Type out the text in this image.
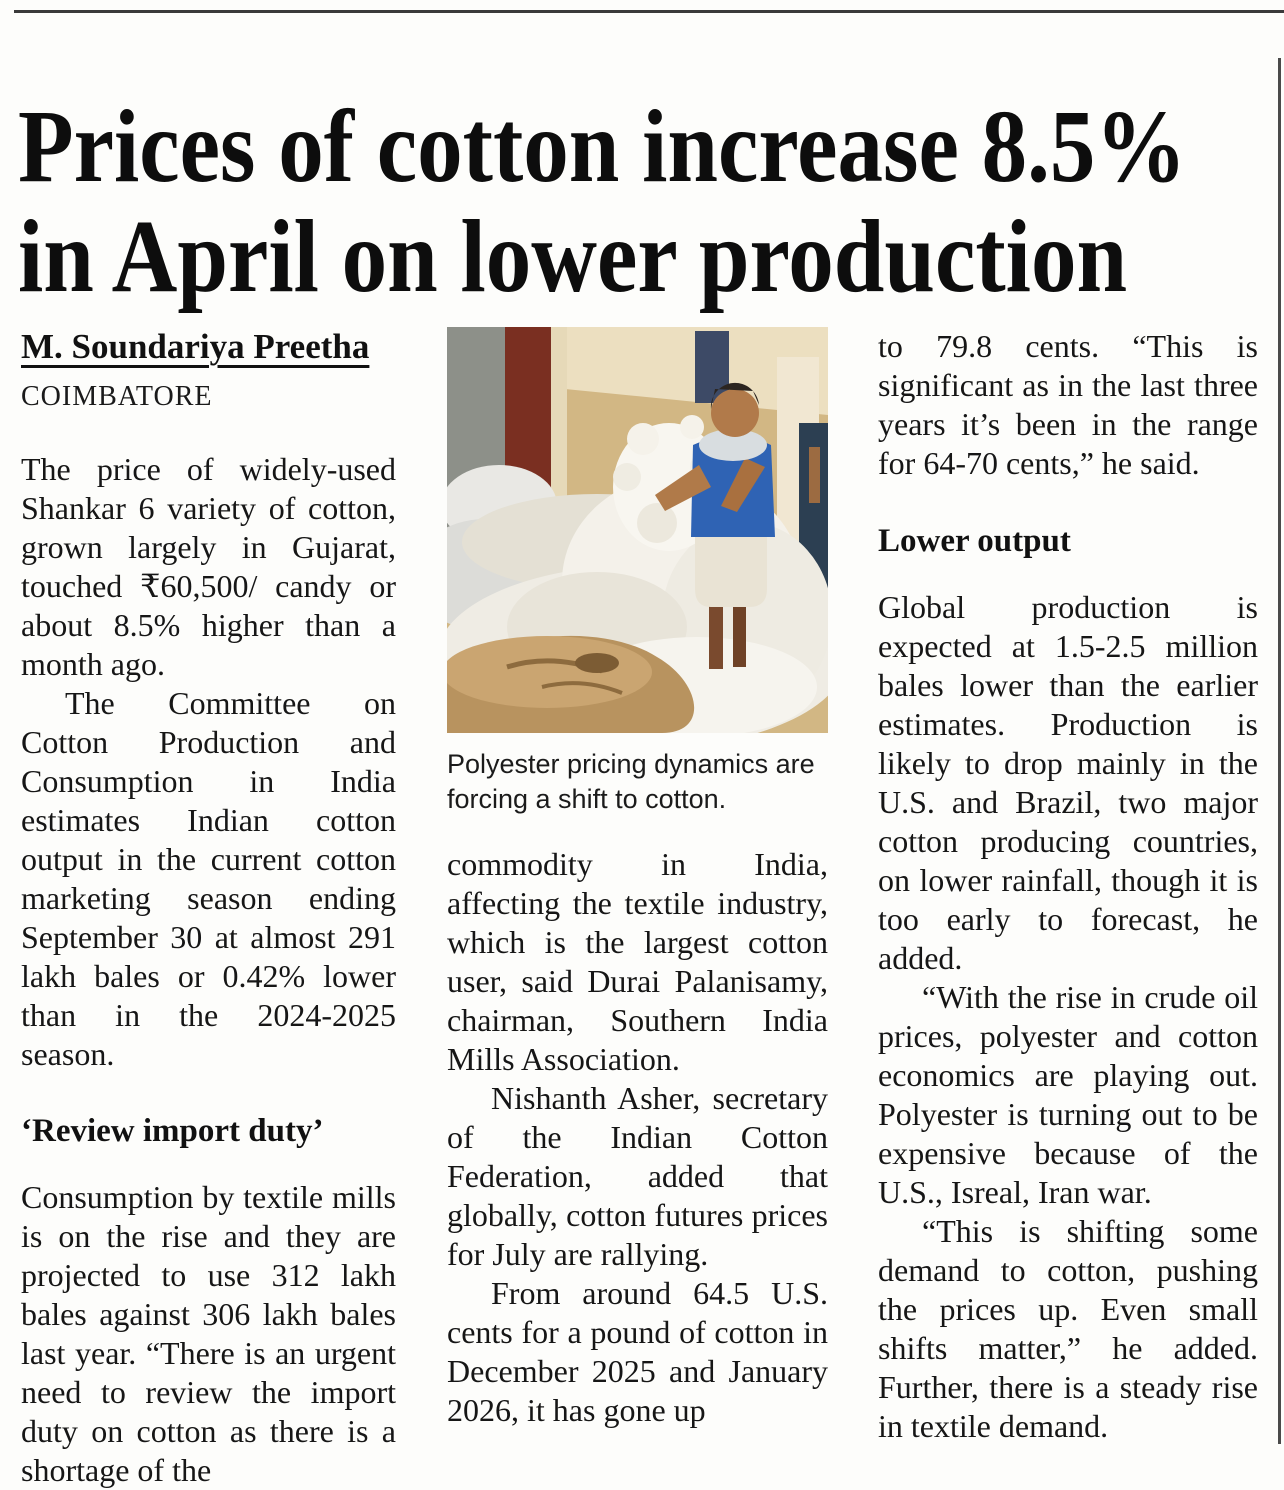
Prices of cotton increase 8.5%
in April on lower production
M. Soundariya Preetha
COIMBATORE

The price of widely-used Shankar 6 variety of cotton, grown largely in Gujarat, touched ₹60,500/ candy or about 8.5% higher than a month ago.

The Committee on Cotton Production and Consumption in India estimates Indian cotton output in the current cotton marketing season ending September 30 at almost 291 lakh bales or 0.42% lower than in the 2024-2025 season.

‘Review import duty’

Consumption by textile mills is on the rise and they are projected to use 312 lakh bales against 306 lakh bales last year. “There is an urgent need to review the import duty on cotton as there is a shortage of the

Polyester pricing dynamics are forcing a shift to cotton.

commodity in India, affecting the textile industry, which is the largest cotton user, said Durai Palanisamy, chairman, Southern India Mills Association.

Nishanth Asher, secretary of the Indian Cotton Federation, added that globally, cotton futures prices for July are rallying.

From around 64.5 U.S. cents for a pound of cotton in December 2025 and January 2026, it has gone up

to 79.8 cents. “This is significant as in the last three years it’s been in the range for 64-70 cents,” he said.

Lower output

Global production is expected at 1.5-2.5 million bales lower than the earlier estimates. Production is likely to drop mainly in the U.S. and Brazil, two major cotton producing countries, on lower rainfall, though it is too early to forecast, he added.

“With the rise in crude oil prices, polyester and cotton economics are playing out. Polyester is turning out to be expensive because of the U.S., Isreal, Iran war.

“This is shifting some demand to cotton, pushing the prices up. Even small shifts matter,” he added. Further, there is a steady rise in textile demand.
